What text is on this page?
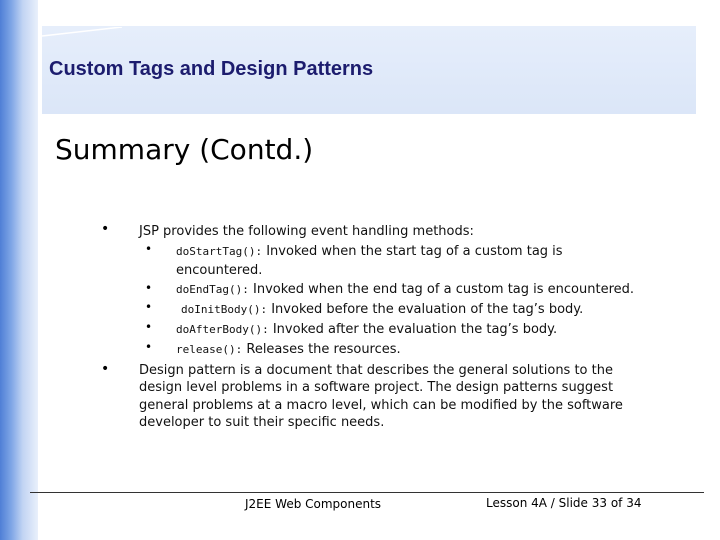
Custom Tags and Design Patterns
Summary (Contd.)
• JSP provides the following event handling methods:
• doStartTag(): Invoked when the start tag of a custom tag is
encountered.
• doEndTag(): Invoked when the end tag of a custom tag is encountered.
•	doInitBody(): Invoked before the evaluation of the tag’s body.
• doAfterBody(): Invoked after the evaluation the tag’s body.
• release(): Releases the resources.
• Design pattern is a document that describes the general solutions to the
design level problems in a software project. The design patterns suggest
general problems at a macro level, which can be modified by the software
developer to suit their specific needs.
J2EE Web Components	Lesson 4A / Slide 33 of 34
